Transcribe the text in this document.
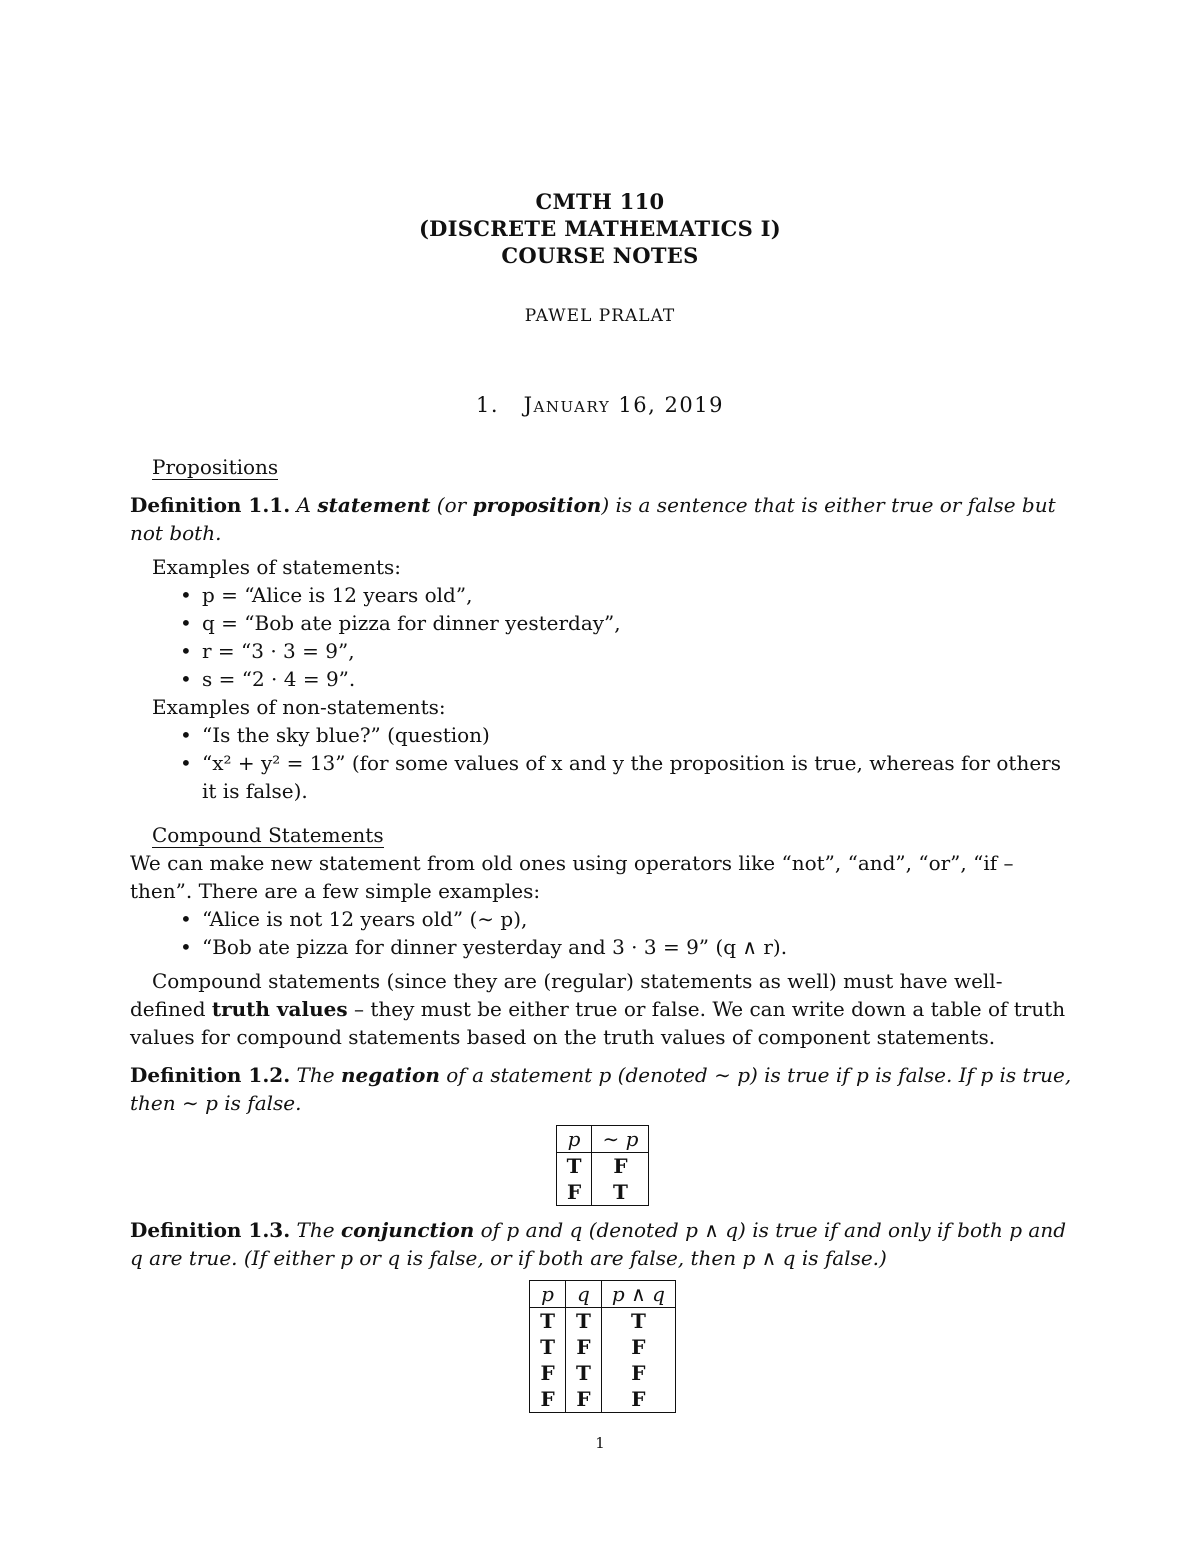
CMTH 110
(DISCRETE MATHEMATICS I)
COURSE NOTES
PAWEL PRALAT
1.   January 16, 2019
Propositions
Definition 1.1. A statement (or proposition) is a sentence that is either true or false but not both.
Examples of statements:
• p = “Alice is 12 years old”,
• q = “Bob ate pizza for dinner yesterday”,
• r = “3 · 3 = 9”,
• s = “2 · 4 = 9”.
Examples of non-statements:
• “Is the sky blue?” (question)
• “x² + y² = 13” (for some values of x and y the proposition is true, whereas for others it is false).
Compound Statements
We can make new statement from old ones using operators like “not”, “and”, “or”, “if – then”. There are a few simple examples:
• “Alice is not 12 years old” (∼ p),
• “Bob ate pizza for dinner yesterday and 3 · 3 = 9” (q ∧ r).
Compound statements (since they are (regular) statements as well) must have well-defined truth values – they must be either true or false. We can write down a table of truth values for compound statements based on the truth values of component statements.
Definition 1.2. The negation of a statement p (denoted ∼ p) is true if p is false. If p is true, then ∼ p is false.
p	∼ p
T	F
F	T
Definition 1.3. The conjunction of p and q (denoted p ∧ q) is true if and only if both p and q are true. (If either p or q is false, or if both are false, then p ∧ q is false.)
p	q	p ∧ q
T	T	T
T	F	F
F	T	F
F	F	F
1
